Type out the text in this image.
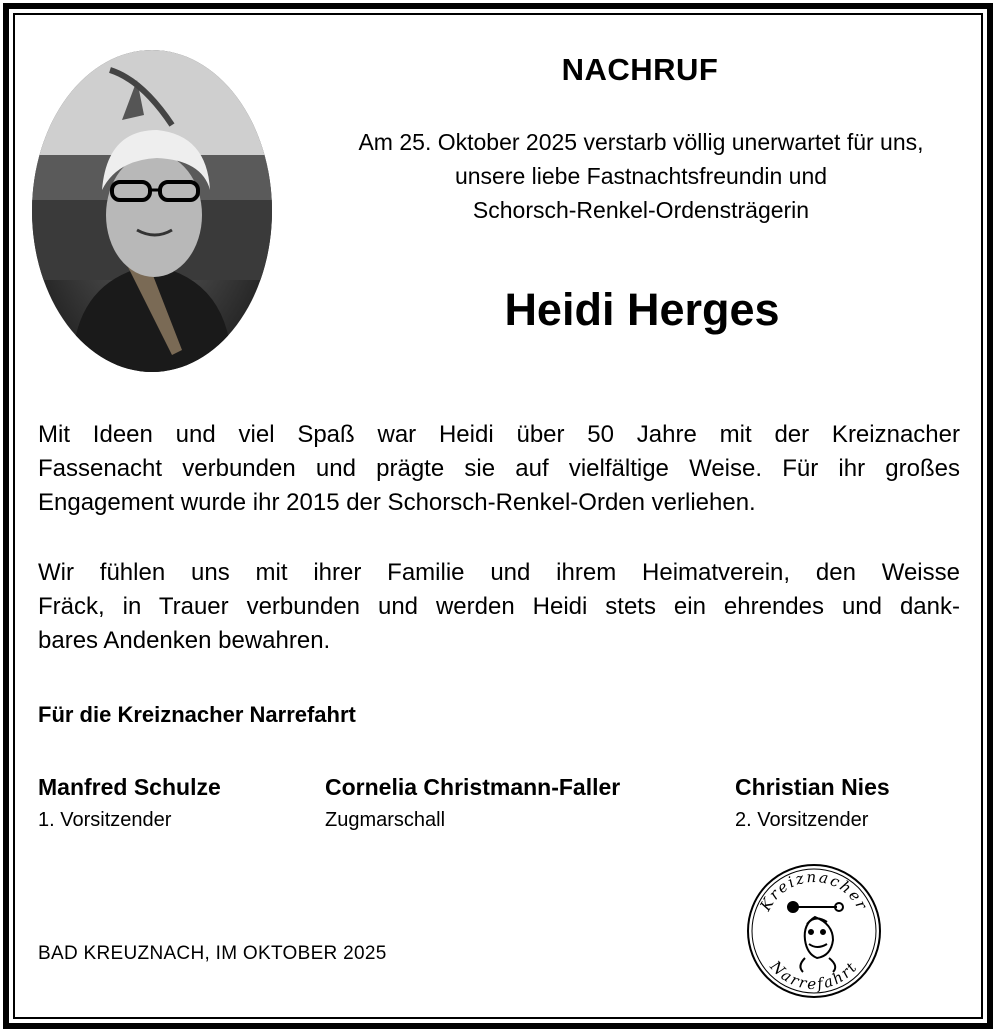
NACHRUF
Am 25. Oktober 2025 verstarb völlig unerwartet für uns,
unsere liebe Fastnachtsfreundin und
Schorsch-Renkel-Ordensträgerin
Heidi Herges
Mit Ideen und viel Spaß war Heidi über 50 Jahre mit der Kreiznacher
Fassenacht verbunden und prägte sie auf vielfältige Weise. Für ihr großes
Engagement wurde ihr 2015 der Schorsch-Renkel-Orden verliehen.
Wir fühlen uns mit ihrer Familie und ihrem Heimatverein, den Weisse
Fräck, in Trauer verbunden und werden Heidi stets ein ehrendes und dank-
bares Andenken bewahren.
Für die Kreiznacher Narrefahrt
Manfred Schulze
1. Vorsitzender
Cornelia Christmann-Faller
Zugmarschall
Christian Nies
2. Vorsitzender
BAD KREUZNACH, IM OKTOBER 2025
Kreiznacher
Narrefahrt
